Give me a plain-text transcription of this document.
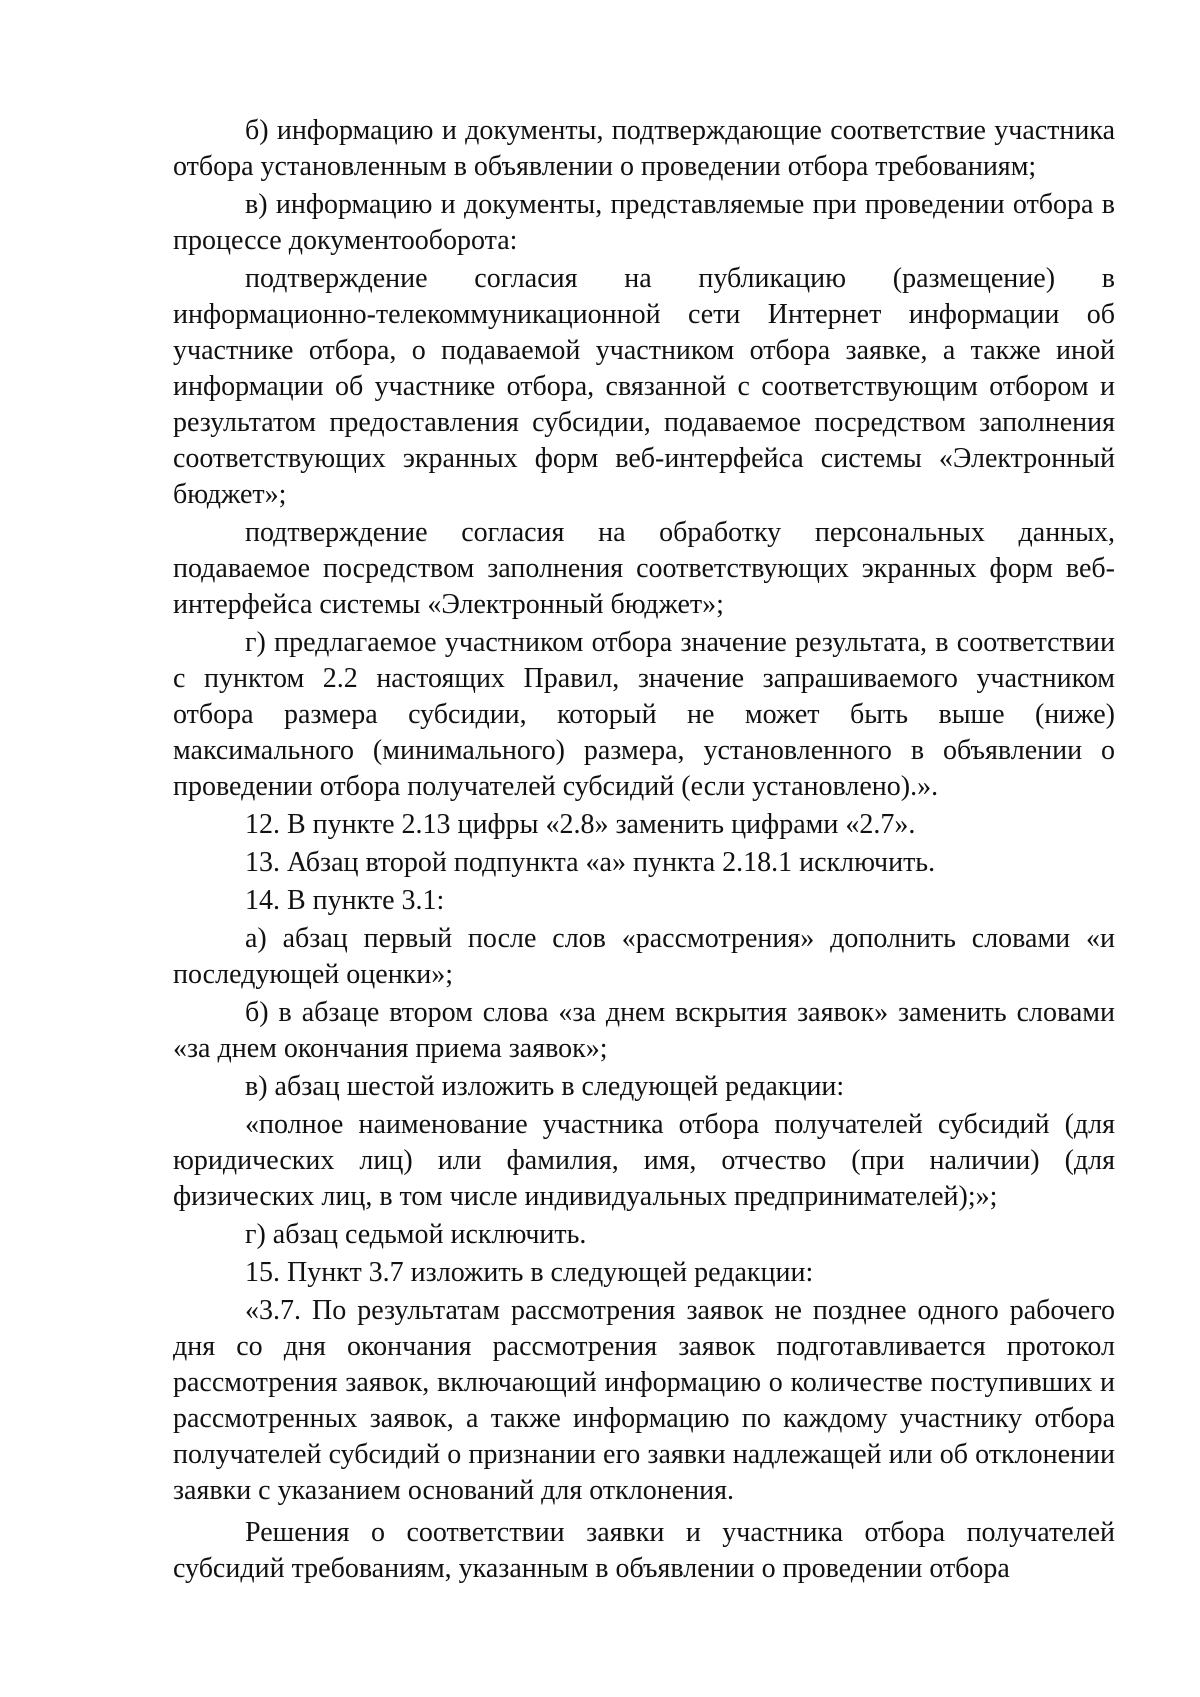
б) информацию и документы, подтверждающие соответствие участника отбора установленным в объявлении о проведении отбора требованиям;

в) информацию и документы, представляемые при проведении отбора в процессе документооборота:

подтверждение согласия на публикацию (размещение) в информационно-телекоммуникационной сети Интернет информации об участнике отбора, о подаваемой участником отбора заявке, а также иной информации об участнике отбора, связанной с соответствующим отбором и результатом предоставления субсидии, подаваемое посредством заполнения соответствующих экранных форм веб-интерфейса системы «Электронный бюджет»;

подтверждение согласия на обработку персональных данных, подаваемое посредством заполнения соответствующих экранных форм веб-интерфейса системы «Электронный бюджет»;

г) предлагаемое участником отбора значение результата, в соответствии с пунктом 2.2 настоящих Правил, значение запрашиваемого участником отбора размера субсидии, который не может быть выше (ниже) максимального (минимального) размера, установленного в объявлении о проведении отбора получателей субсидий (если установлено).».

12. В пункте 2.13 цифры «2.8» заменить цифрами «2.7».

13. Абзац второй подпункта «а» пункта 2.18.1 исключить.

14. В пункте 3.1:

а) абзац первый после слов «рассмотрения» дополнить словами «и последующей оценки»;

б) в абзаце втором слова «за днем вскрытия заявок» заменить словами «за днем окончания приема заявок»;

в) абзац шестой изложить в следующей редакции:

«полное наименование участника отбора получателей субсидий (для юридических лиц) или фамилия, имя, отчество (при наличии) (для физических лиц, в том числе индивидуальных предпринимателей);»;

г) абзац седьмой исключить.

15. Пункт 3.7 изложить в следующей редакции:

«3.7. По результатам рассмотрения заявок не позднее одного рабочего дня со дня окончания рассмотрения заявок подготавливается протокол рассмотрения заявок, включающий информацию о количестве поступивших и рассмотренных заявок, а также информацию по каждому участнику отбора получателей субсидий о признании его заявки надлежащей или об отклонении заявки с указанием оснований для отклонения.

Решения о соответствии заявки и участника отбора получателей субсидий требованиям, указанным в объявлении о проведении отбора
